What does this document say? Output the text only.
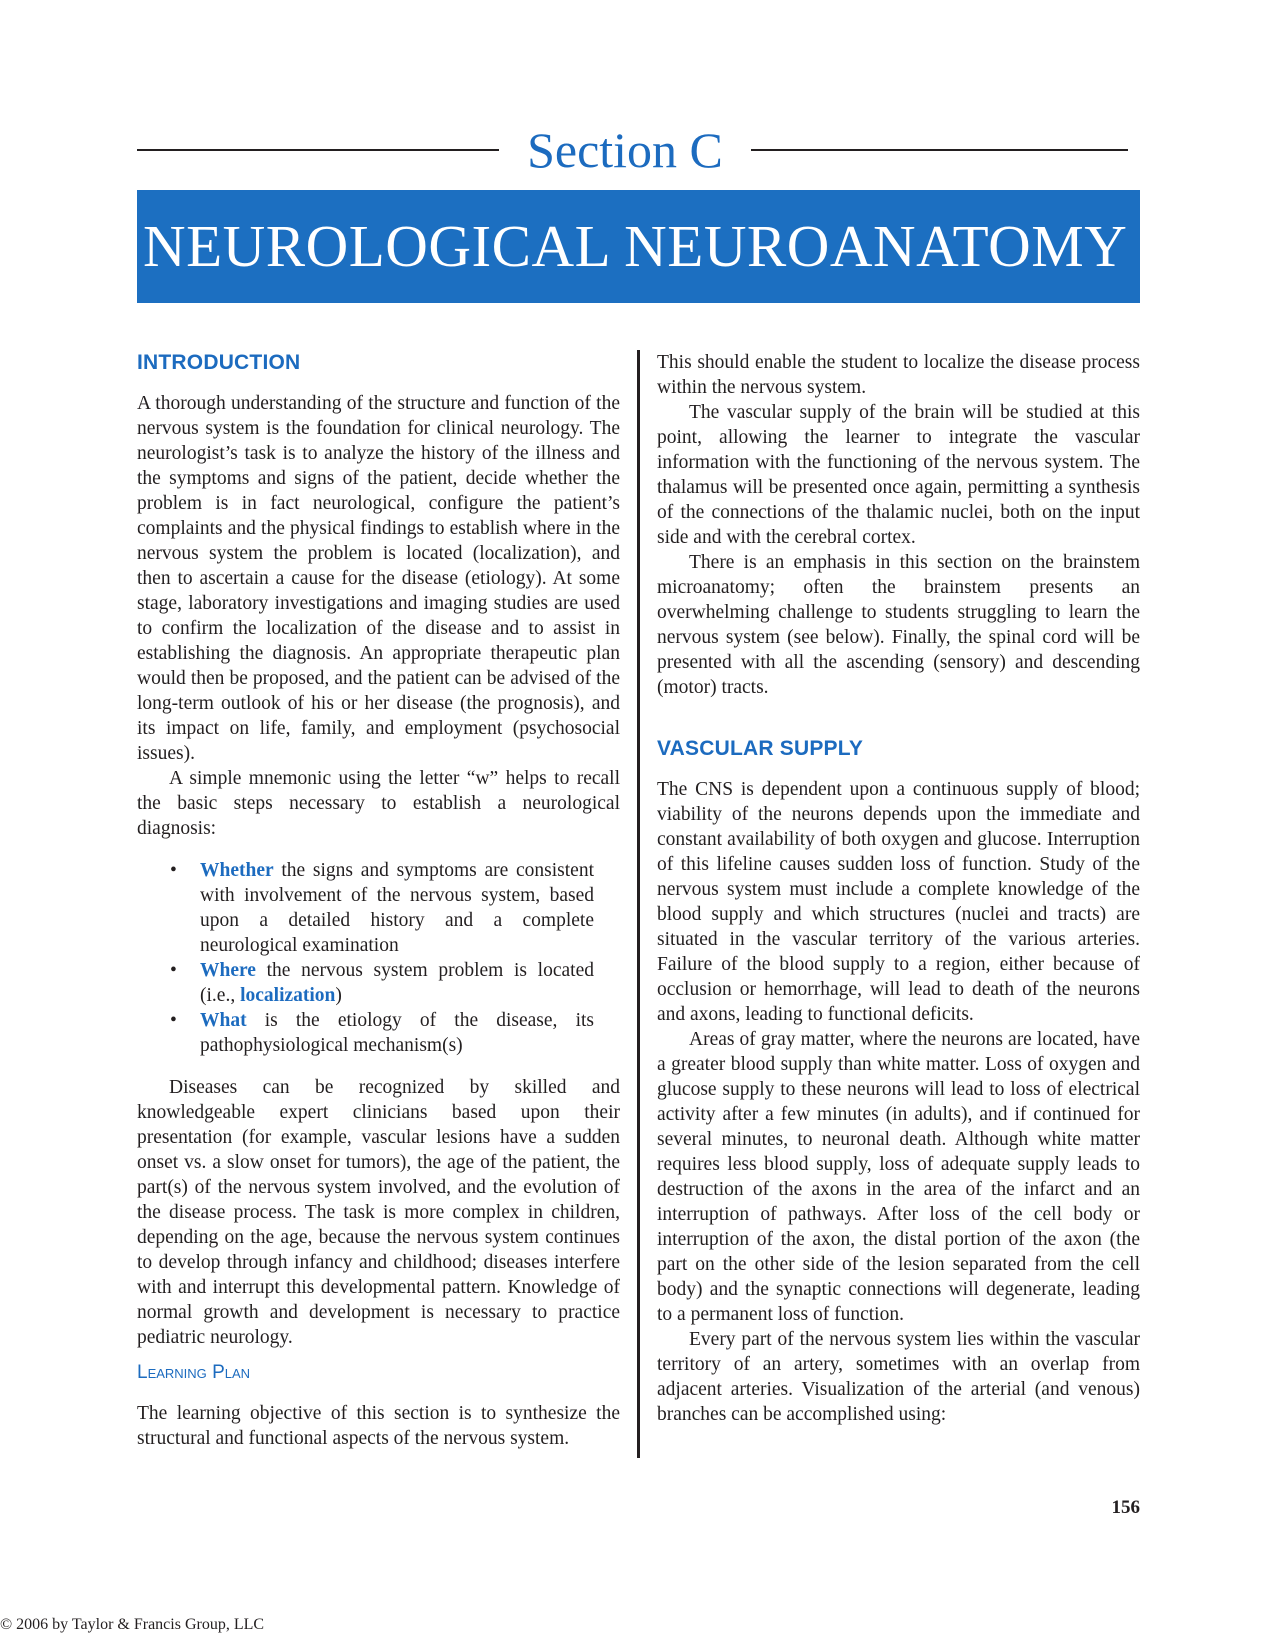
Section C
NEUROLOGICAL NEUROANATOMY
INTRODUCTION

A thorough understanding of the structure and function of the nervous system is the foundation for clinical neurology. The neurologist’s task is to analyze the history of the illness and the symptoms and signs of the patient, decide whether the problem is in fact neurological, configure the patient’s complaints and the physical findings to establish where in the nervous system the problem is located (localization), and then to ascertain a cause for the disease (etiology). At some stage, laboratory investigations and imaging studies are used to confirm the localization of the disease and to assist in establishing the diagnosis. An appropriate therapeutic plan would then be proposed, and the patient can be advised of the long-term outlook of his or her disease (the prognosis), and its impact on life, family, and employment (psychosocial issues).

A simple mnemonic using the letter “w” helps to recall the basic steps necessary to establish a neurological diagnosis:

• Whether the signs and symptoms are consistent with involvement of the nervous system, based upon a detailed history and a complete neurological examination
• Where the nervous system problem is located (i.e., localization)
• What is the etiology of the disease, its pathophysiological mechanism(s)

Diseases can be recognized by skilled and knowledgeable expert clinicians based upon their presentation (for example, vascular lesions have a sudden onset vs. a slow onset for tumors), the age of the patient, the part(s) of the nervous system involved, and the evolution of the disease process. The task is more complex in children, depending on the age, because the nervous system continues to develop through infancy and childhood; diseases interfere with and interrupt this developmental pattern. Knowledge of normal growth and development is necessary to practice pediatric neurology.

Learning Plan

The learning objective of this section is to synthesize the structural and functional aspects of the nervous system.

This should enable the student to localize the disease process within the nervous system.

The vascular supply of the brain will be studied at this point, allowing the learner to integrate the vascular information with the functioning of the nervous system. The thalamus will be presented once again, permitting a synthesis of the connections of the thalamic nuclei, both on the input side and with the cerebral cortex.

There is an emphasis in this section on the brainstem microanatomy; often the brainstem presents an overwhelming challenge to students struggling to learn the nervous system (see below). Finally, the spinal cord will be presented with all the ascending (sensory) and descending (motor) tracts.

VASCULAR SUPPLY

The CNS is dependent upon a continuous supply of blood; viability of the neurons depends upon the immediate and constant availability of both oxygen and glucose. Interruption of this lifeline causes sudden loss of function. Study of the nervous system must include a complete knowledge of the blood supply and which structures (nuclei and tracts) are situated in the vascular territory of the various arteries. Failure of the blood supply to a region, either because of occlusion or hemorrhage, will lead to death of the neurons and axons, leading to functional deficits.

Areas of gray matter, where the neurons are located, have a greater blood supply than white matter. Loss of oxygen and glucose supply to these neurons will lead to loss of electrical activity after a few minutes (in adults), and if continued for several minutes, to neuronal death. Although white matter requires less blood supply, loss of adequate supply leads to destruction of the axons in the area of the infarct and an interruption of pathways. After loss of the cell body or interruption of the axon, the distal portion of the axon (the part on the other side of the lesion separated from the cell body) and the synaptic connections will degenerate, leading to a permanent loss of function.

Every part of the nervous system lies within the vascular territory of an artery, sometimes with an overlap from adjacent arteries. Visualization of the arterial (and venous) branches can be accomplished using:

156
© 2006 by Taylor & Francis Group, LLC
